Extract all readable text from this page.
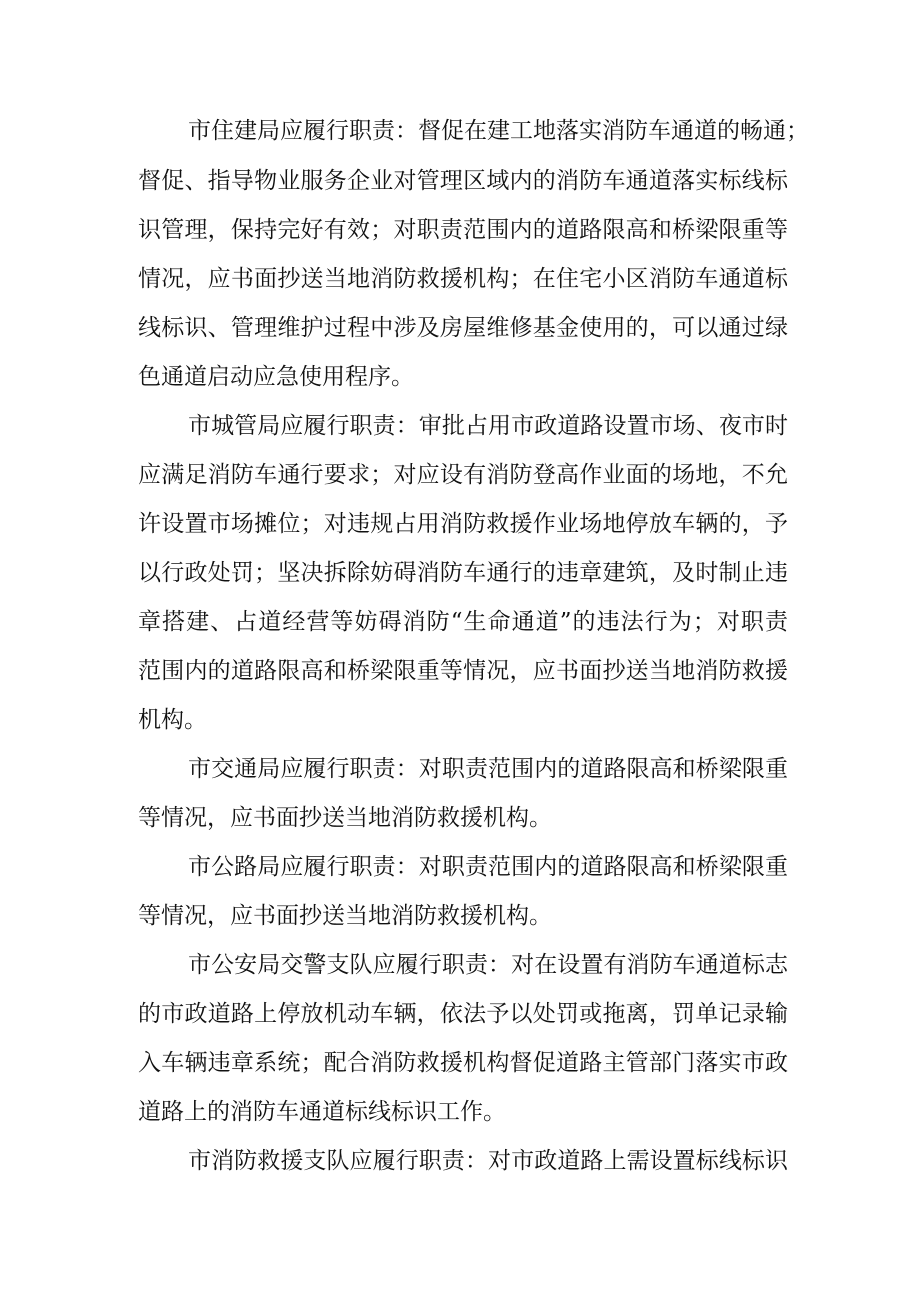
市住建局应履行职责：督促在建工地落实消防车通道的畅通；
督促、指导物业服务企业对管理区域内的消防车通道落实标线标
识管理，保持完好有效；对职责范围内的道路限高和桥梁限重等
情况，应书面抄送当地消防救援机构；在住宅小区消防车通道标
线标识、管理维护过程中涉及房屋维修基金使用的，可以通过绿
色通道启动应急使用程序。
市城管局应履行职责：审批占用市政道路设置市场、夜市时
应满足消防车通行要求；对应设有消防登高作业面的场地，不允
许设置市场摊位；对违规占用消防救援作业场地停放车辆的，予
以行政处罚；坚决拆除妨碍消防车通行的违章建筑，及时制止违
章搭建、占道经营等妨碍消防“生命通道”的违法行为；对职责
范围内的道路限高和桥梁限重等情况，应书面抄送当地消防救援
机构。
市交通局应履行职责：对职责范围内的道路限高和桥梁限重
等情况，应书面抄送当地消防救援机构。
市公路局应履行职责：对职责范围内的道路限高和桥梁限重
等情况，应书面抄送当地消防救援机构。
市公安局交警支队应履行职责：对在设置有消防车通道标志
的市政道路上停放机动车辆，依法予以处罚或拖离，罚单记录输
入车辆违章系统；配合消防救援机构督促道路主管部门落实市政
道路上的消防车通道标线标识工作。
市消防救援支队应履行职责：对市政道路上需设置标线标识
